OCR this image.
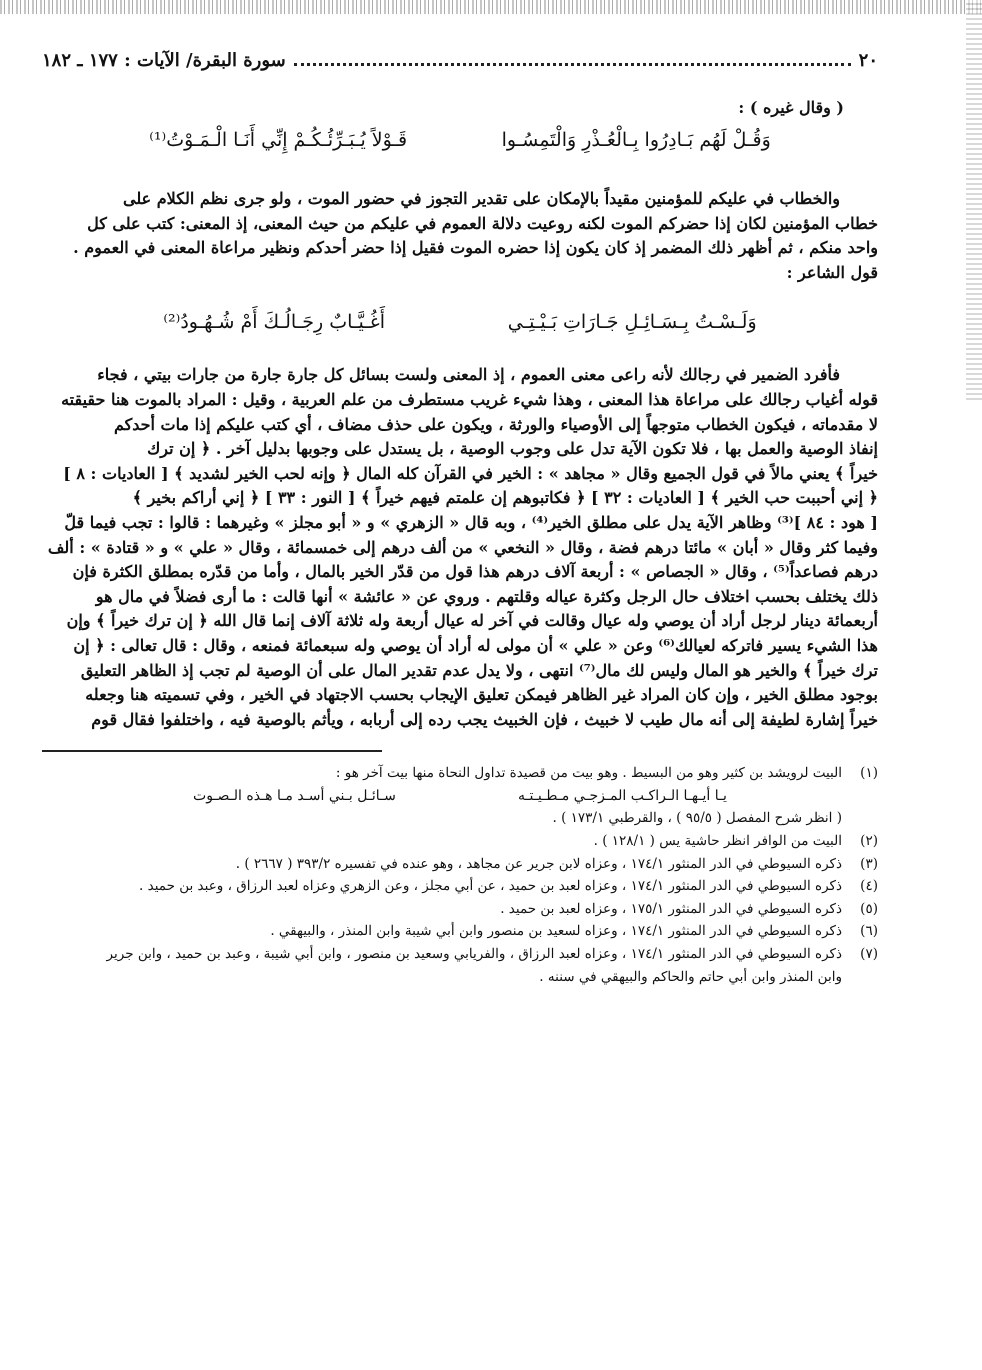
٢٠
سورة البقرة/ الآيات : ١٧٧ ـ ١٨٢
( وقال غيره ) :
وَقُـلْ لَهُم بَـادِرُوا بِـالْعُـذْرِ وَالْتَمِسُـوا
قَـوْلاً يُـبَـرِّئُـكُـمْ إِنِّي أَنَـا الْـمَـوْتُ⁽¹⁾
والخطاب في عليكم للمؤمنين مقيداً بالإمكان على تقدير التجوز في حضور الموت ، ولو جرى نظم الكلام على
خطاب المؤمنين لكان إذا حضركم الموت لكنه روعيت دلالة العموم في عليكم من حيث المعنى، إذ المعنى: كتب على كل
واحد منكم ، ثم أظهر ذلك المضمر إذ كان يكون إذا حضره الموت فقيل إذا حضر أحدكم ونظير مراعاة المعنى في العموم .
قول الشاعر :
وَلَـسْـتُ بِـسَـائِـلِ جَـارَاتِ بَـيْـتِـي
أَغُـيَّـابٌ رِجَـالُـكَ أَمْ شُـهُـودُ⁽²⁾
فأفرد الضمير في رجالك لأنه راعى معنى العموم ، إذ المعنى ولست بسائل كل جارة جارة من جارات بيتي ، فجاء
قوله أغياب رجالك على مراعاة هذا المعنى ، وهذا شيء غريب مستطرف من علم العربية ، وقيل : المراد بالموت هنا حقيقته
لا مقدماته ، فيكون الخطاب متوجهاً إلى الأوصياء والورثة ، ويكون على حذف مضاف ، أي كتب عليكم إذا مات أحدكم
إنفاذ الوصية والعمل بها ، فلا تكون الآية تدل على وجوب الوصية ، بل يستدل على وجوبها بدليل آخر . ﴿ إن ترك
خيراً ﴾ يعني مالاً في قول الجميع وقال « مجاهد » : الخير في القرآن كله المال ﴿ وإنه لحب الخير لشديد ﴾ [ العاديات : ٨ ]
﴿ إني أحببت حب الخير ﴾ [ العاديات : ٣٢ ] ﴿ فكاتبوهم إن علمتم فيهم خيراً ﴾ [ النور : ٣٣ ] ﴿ إني أراكم بخير ﴾
[ هود : ٨٤ ]⁽³⁾ وظاهر الآية يدل على مطلق الخير⁽⁴⁾ ، وبه قال « الزهري » و « أبو مجلز » وغيرهما : قالوا : تجب فيما قلّ
وفيما كثر وقال « أبان » مائتا درهم فضة ، وقال « النخعي » من ألف درهم إلى خمسمائة ، وقال « علي » و « قتادة » : ألف
درهم فصاعداً⁽⁵⁾ ، وقال « الجصاص » : أربعة آلاف درهم هذا قول من قدّر الخير بالمال ، وأما من قدّره بمطلق الكثرة فإن
ذلك يختلف بحسب اختلاف حال الرجل وكثرة عياله وقلتهم . وروي عن « عائشة » أنها قالت : ما أرى فضلاً في مال هو
أربعمائة دينار لرجل أراد أن يوصي وله عيال وقالت في آخر له عيال أربعة وله ثلاثة آلاف إنما قال الله ﴿ إن ترك خيراً ﴾ وإن
هذا الشيء يسير فاتركه لعيالك⁽⁶⁾ وعن « علي » أن مولى له أراد أن يوصي وله سبعمائة فمنعه ، وقال : قال تعالى : ﴿ إن
ترك خيراً ﴾ والخير هو المال وليس لك مال⁽⁷⁾ انتهى ، ولا يدل عدم تقدير المال على أن الوصية لم تجب إذ الظاهر التعليق
بوجود مطلق الخير ، وإن كان المراد غير الظاهر فيمكن تعليق الإيجاب بحسب الاجتهاد في الخير ، وفي تسميته هنا وجعله
خيراً إشارة لطيفة إلى أنه مال طيب لا خبيث ، فإن الخبيث يجب رده إلى أربابه ، ويأثم بالوصية فيه ، واختلفوا فقال قوم
(١)البيت لرويشد بن كثير وهو من البسيط . وهو بيت من قصيدة تداول النحاة منها بيت آخر هو :
يـا أيـهـا الـراكـب المـزجـي مـطـيـتـه
سـائـل بـني أسـد مـا هـذه الـصـوت
( انظر شرح المفصل ( ٩٥/٥ ) ، والقرطبي ١٧٣/١ ) .
(٢)البيت من الوافر انظر حاشية يس ( ١٢٨/١ ) .
(٣)ذكره السيوطي في الدر المنثور ١٧٤/١ ، وعزاه لابن جرير عن مجاهد ، وهو عنده في تفسيره ٣٩٣/٢ ( ٢٦٦٧ ) .
(٤)ذكره السيوطي في الدر المنثور ١٧٤/١ ، وعزاه لعبد بن حميد ، عن أبي مجلز ، وعن الزهري وعزاه لعبد الرزاق ، وعبد بن حميد .
(٥)ذكره السيوطي في الدر المنثور ١٧٥/١ ، وعزاه لعبد بن حميد .
(٦)ذكره السيوطي في الدر المنثور ١٧٤/١ ، وعزاه لسعيد بن منصور وابن أبي شيبة وابن المنذر ، والبيهقي .
(٧)ذكره السيوطي في الدر المنثور ١٧٤/١ ، وعزاه لعبد الرزاق ، والفريابي وسعيد بن منصور ، وابن أبي شيبة ، وعبد بن حميد ، وابن جرير
وابن المنذر وابن أبي حاتم والحاكم والبيهقي في سننه .
